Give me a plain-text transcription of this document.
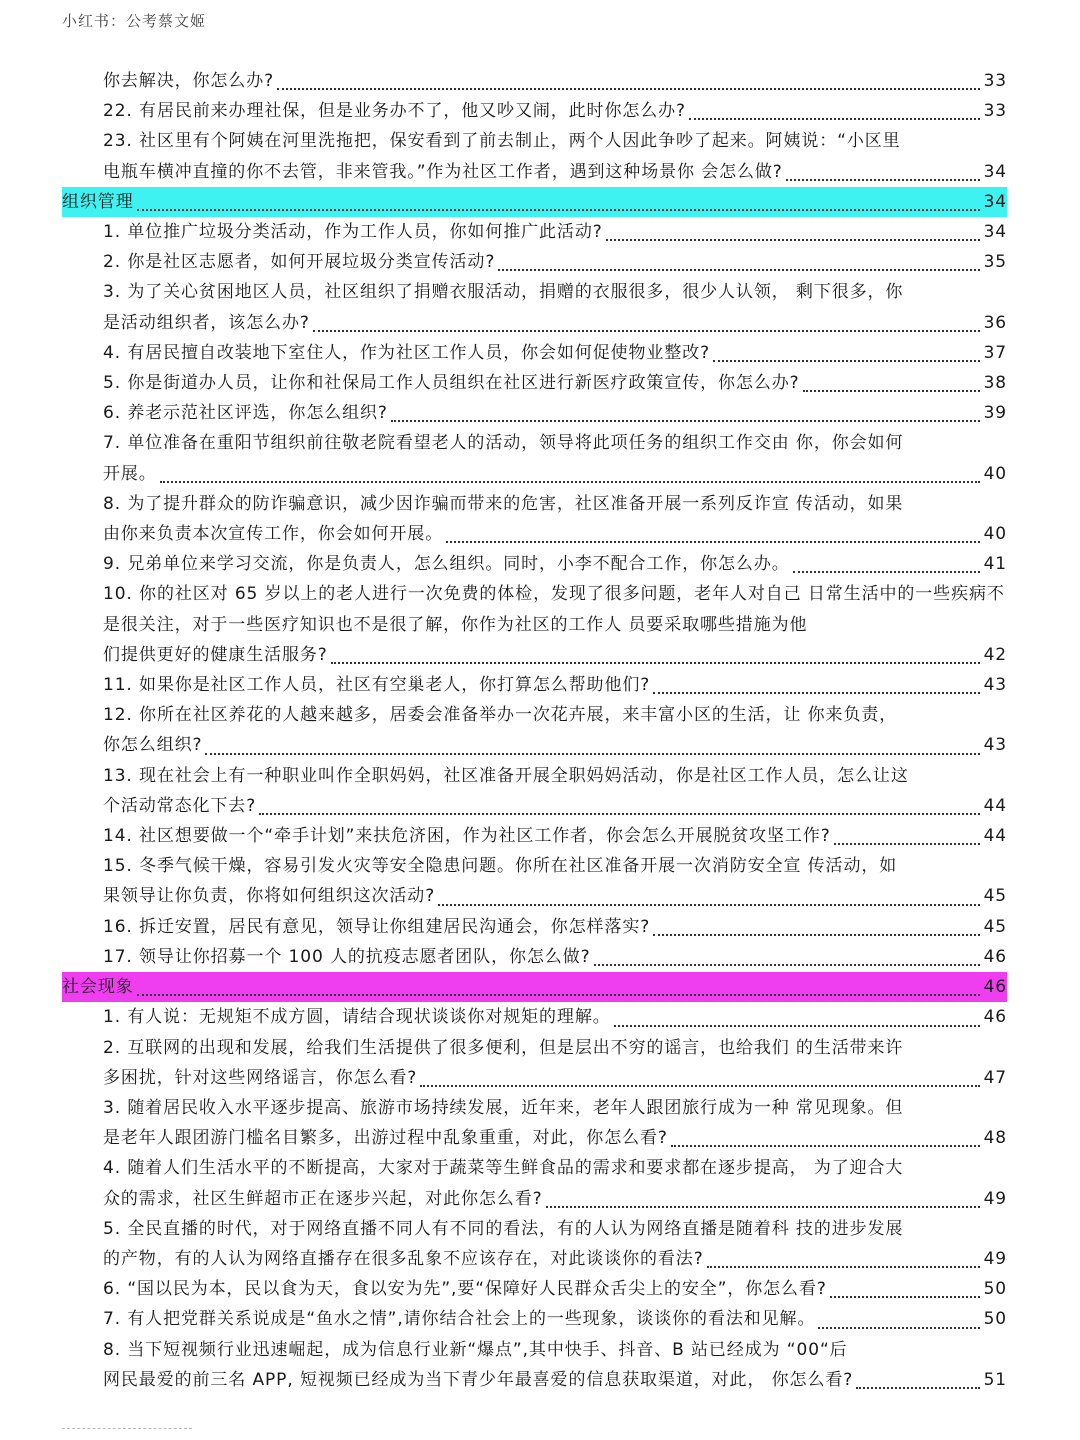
小红书：公考蔡文姬
你去解决，你怎么办?	33
22. 有居民前来办理社保，但是业务办不了，他又吵又闹，此时你怎么办?	33
23. 社区里有个阿姨在河里洗拖把，保安看到了前去制止，两个人因此争吵了起来。阿姨说：“小区里
电瓶车横冲直撞的你不去管，非来管我。”作为社区工作者，遇到这种场景你 会怎么做?	34
组织管理	34
1. 单位推广垃圾分类活动，作为工作人员，你如何推广此活动?	34
2. 你是社区志愿者，如何开展垃圾分类宣传活动?	35
3. 为了关心贫困地区人员，社区组织了捐赠衣服活动，捐赠的衣服很多，很少人认领， 剩下很多，你
是活动组织者，该怎么办?	36
4. 有居民擅自改装地下室住人，作为社区工作人员，你会如何促使物业整改?	37
5. 你是街道办人员，让你和社保局工作人员组织在社区进行新医疗政策宣传，你怎么办?	38
6. 养老示范社区评选，你怎么组织?	39
7. 单位准备在重阳节组织前往敬老院看望老人的活动，领导将此项任务的组织工作交由 你，你会如何
开展。	40
8. 为了提升群众的防诈骗意识，减少因诈骗而带来的危害，社区准备开展一系列反诈宣 传活动，如果
由你来负责本次宣传工作，你会如何开展。	40
9. 兄弟单位来学习交流，你是负责人，怎么组织。同时，小李不配合工作，你怎么办。	41
10. 你的社区对 65 岁以上的老人进行一次免费的体检，发现了很多问题，老年人对自己 日常生活中的一些疾病不是很关注，对于一些医疗知识也不是很了解，你作为社区的工作人 员要采取哪些措施为他
们提供更好的健康生活服务?	42
11. 如果你是社区工作人员，社区有空巢老人，你打算怎么帮助他们?	43
12. 你所在社区养花的人越来越多，居委会准备举办一次花卉展，来丰富小区的生活，让 你来负责，
你怎么组织?	43
13. 现在社会上有一种职业叫作全职妈妈，社区准备开展全职妈妈活动，你是社区工作人员，怎么让这
个活动常态化下去?	44
14. 社区想要做一个“牵手计划”来扶危济困，作为社区工作者，你会怎么开展脱贫攻坚工作?	44
15. 冬季气候干燥，容易引发火灾等安全隐患问题。你所在社区准备开展一次消防安全宣 传活动，如
果领导让你负责，你将如何组织这次活动?	45
16. 拆迁安置，居民有意见，领导让你组建居民沟通会，你怎样落实?	45
17. 领导让你招募一个 100 人的抗疫志愿者团队，你怎么做?	46
社会现象	46
1. 有人说：无规矩不成方圆，请结合现状谈谈你对规矩的理解。	46
2. 互联网的出现和发展，给我们生活提供了很多便利，但是层出不穷的谣言，也给我们 的生活带来许
多困扰，针对这些网络谣言，你怎么看?	47
3. 随着居民收入水平逐步提高、旅游市场持续发展，近年来，老年人跟团旅行成为一种 常见现象。但
是老年人跟团游门槛名目繁多，出游过程中乱象重重，对此，你怎么看?	48
4. 随着人们生活水平的不断提高，大家对于蔬菜等生鲜食品的需求和要求都在逐步提高， 为了迎合大
众的需求，社区生鲜超市正在逐步兴起，对此你怎么看?	49
5. 全民直播的时代，对于网络直播不同人有不同的看法，有的人认为网络直播是随着科 技的进步发展
的产物，有的人认为网络直播存在很多乱象不应该存在，对此谈谈你的看法?	49
6. “国以民为本，民以食为天，食以安为先”,要“保障好人民群众舌尖上的安全”，你怎么看?	50
7. 有人把党群关系说成是“鱼水之情”,请你结合社会上的一些现象，谈谈你的看法和见解。	50
8. 当下短视频行业迅速崛起，成为信息行业新“爆点”,其中快手、抖音、B 站已经成为 “00“后
网民最爱的前三名 APP, 短视频已经成为当下青少年最喜爱的信息获取渠道，对此， 你怎么看?	51
